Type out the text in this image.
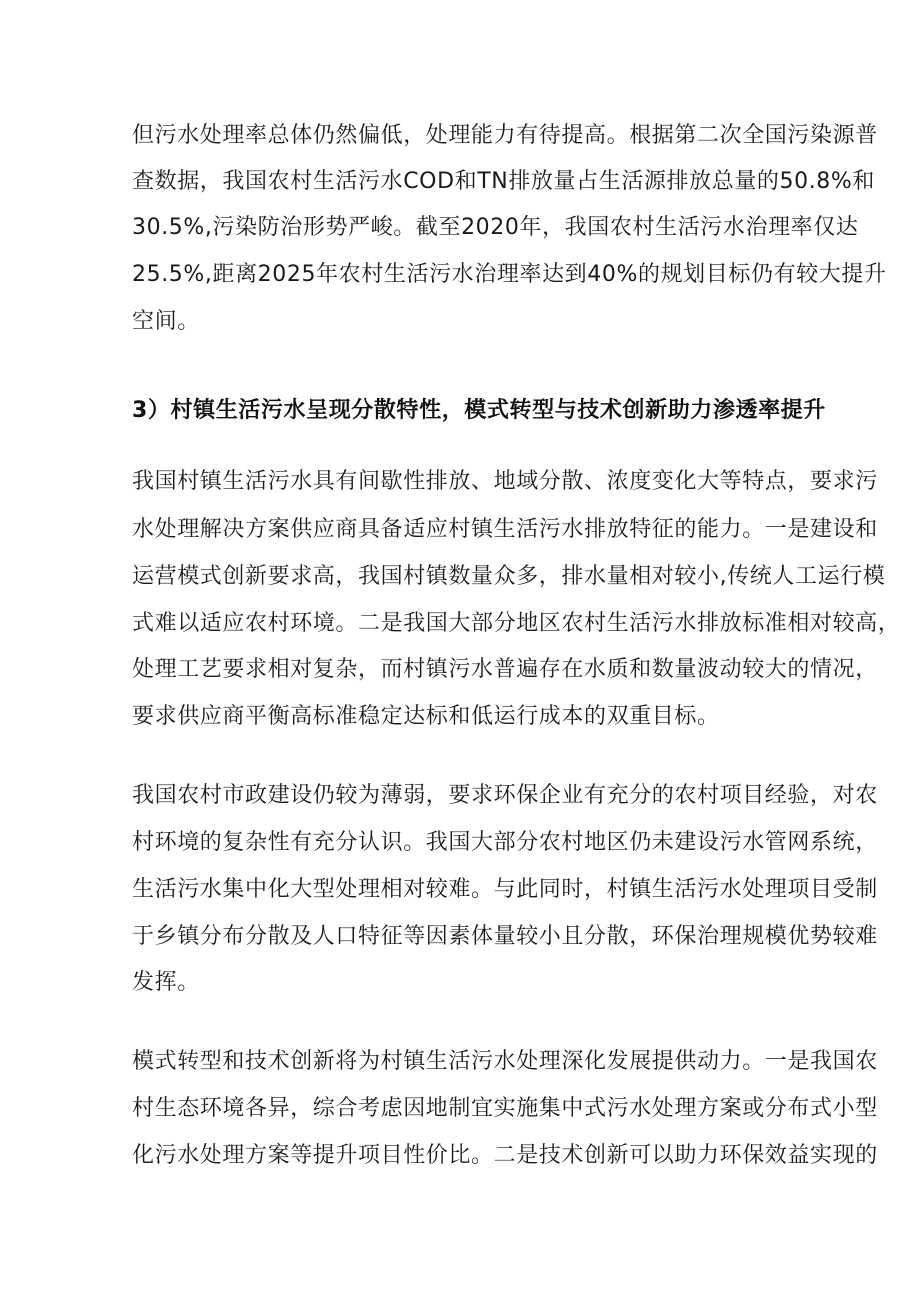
但污水处理率总体仍然偏低，处理能力有待提高。根据第二次全国污染源普
查数据，我国农村生活污水COD和TN排放量占生活源排放总量的50.8%和
30.5%,污染防治形势严峻。截至2020年，我国农村生活污水治理率仅达
25.5%,距离2025年农村生活污水治理率达到40%的规划目标仍有较大提升
空间。
3）村镇生活污水呈现分散特性，模式转型与技术创新助力渗透率提升
我国村镇生活污水具有间歇性排放、地域分散、浓度变化大等特点，要求污
水处理解决方案供应商具备适应村镇生活污水排放特征的能力。一是建设和
运营模式创新要求高，我国村镇数量众多，排水量相对较小,传统人工运行模
式难以适应农村环境。二是我国大部分地区农村生活污水排放标准相对较高，
处理工艺要求相对复杂，而村镇污水普遍存在水质和数量波动较大的情况，
要求供应商平衡高标准稳定达标和低运行成本的双重目标。
我国农村市政建设仍较为薄弱，要求环保企业有充分的农村项目经验，对农
村环境的复杂性有充分认识。我国大部分农村地区仍未建设污水管网系统，
生活污水集中化大型处理相对较难。与此同时，村镇生活污水处理项目受制
于乡镇分布分散及人口特征等因素体量较小且分散，环保治理规模优势较难
发挥。
模式转型和技术创新将为村镇生活污水处理深化发展提供动力。一是我国农
村生态环境各异，综合考虑因地制宜实施集中式污水处理方案或分布式小型
化污水处理方案等提升项目性价比。二是技术创新可以助力环保效益实现的
